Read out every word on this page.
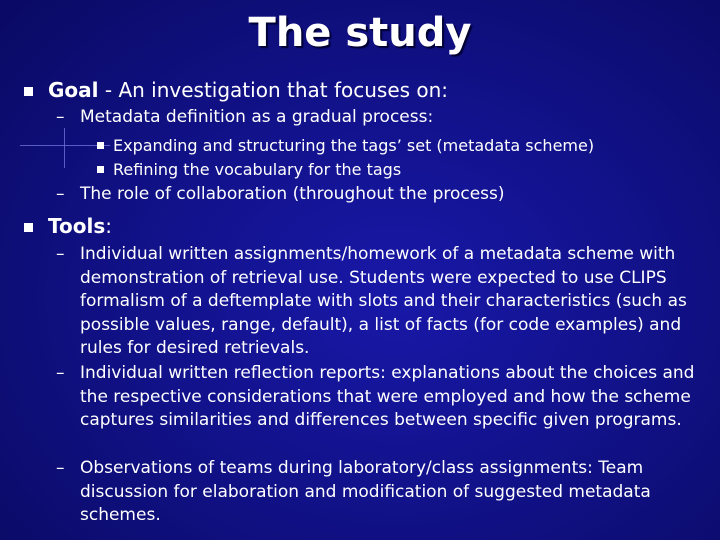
The study
Goal - An investigation that focuses on:
– Metadata definition as a gradual process:
Expanding and structuring the tags’ set (metadata scheme)
Refining the vocabulary for the tags
– The role of collaboration (throughout the process)
Tools:
– Individual written assignments/homework of a metadata scheme with demonstration of retrieval use. Students were expected to use CLIPS formalism of a deftemplate with slots and their characteristics (such as possible values, range, default), a list of facts (for code examples) and rules for desired retrievals.
– Individual written reflection reports: explanations about the choices and the respective considerations that were employed and how the scheme captures similarities and differences between specific given programs.
– Observations of teams during laboratory/class assignments: Team discussion for elaboration and modification of suggested metadata schemes.
